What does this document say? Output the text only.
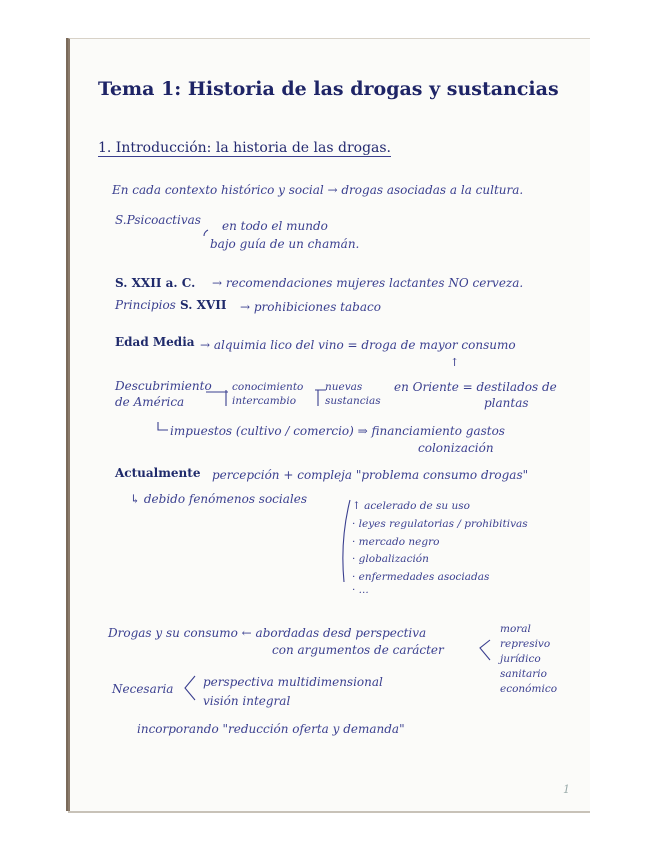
Tema 1: Historia de las drogas y sustancias
1. Introducción: la historia de las drogas.
En cada contexto histórico y social → drogas asociadas a la cultura.
S.Psicoactivas en todo el mundo
bajo guía de un chamán.
S. XXII a. C. → recomendaciones mujeres lactantes NO cerveza.
Principios S. XVII → prohibiciones tabaco
Edad Media → alquimia lico del vino = droga de mayor consumo
↑
Descubrimiento
de América
conocimiento
intercambio
nuevas
sustancias
en Oriente = destilados de
plantas
impuestos (cultivo / comercio) ⇒ financiamiento gastos
colonización
Actualmente percepción + compleja "problema consumo drogas"
↳ debido fenómenos sociales	↑ acelerado de su uso
· leyes regulatorias / prohibitivas
· mercado negro
· globalización
· enfermedades asociadas
· ...
Drogas y su consumo ← abordadas desd perspectiva
con argumentos de carácter
moral
represivo
jurídico
sanitario
económico
Necesaria perspectiva multidimensional
visión integral
incorporando "reducción oferta y demanda"
1
